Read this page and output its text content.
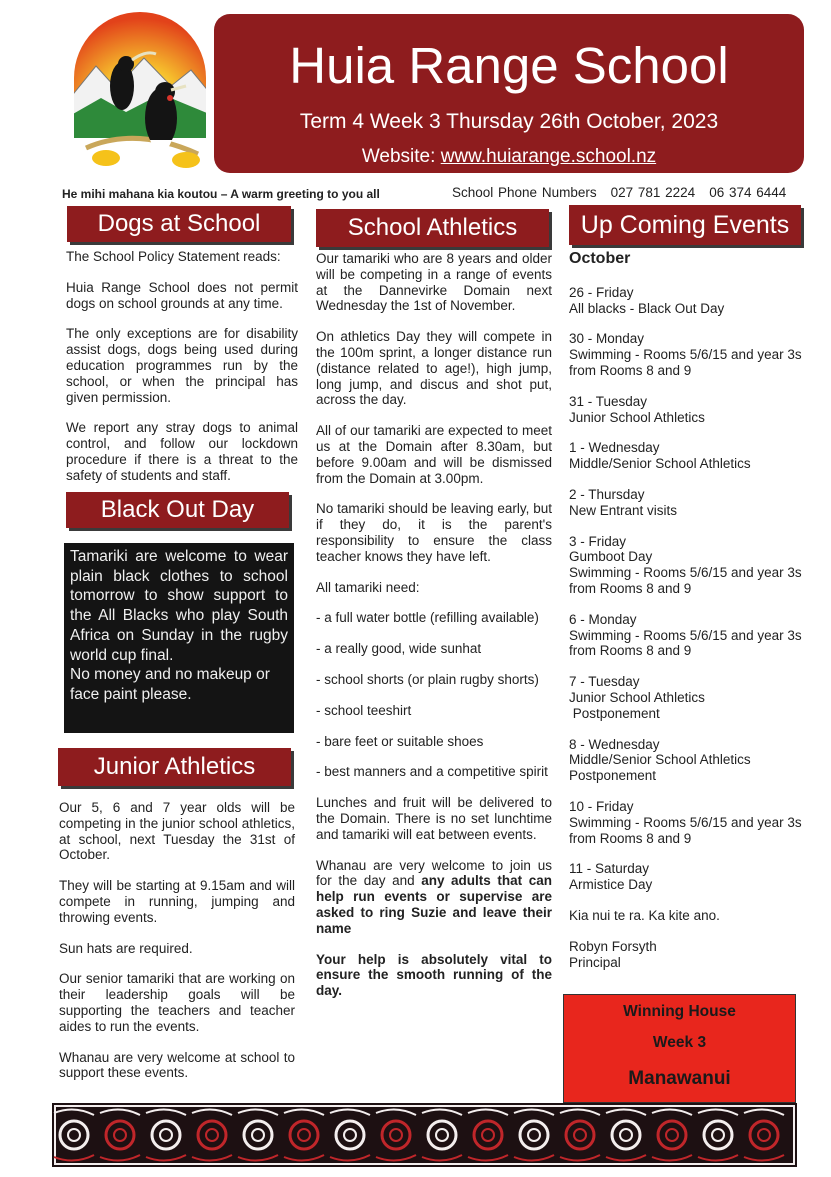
Huia Range School
Term 4 Week 3 Thursday 26th October, 2023
Website: www.huiarange.school.nz
He mihi mahana kia koutou – A warm greeting to you all	School Phone Numbers 027 781 2224 06 374 6444
Dogs at School

The School Policy Statement reads:

Huia Range School does not permit dogs on school grounds at any time.

The only exceptions are for disability assist dogs, dogs being used during education programmes run by the school, or when the principal has given permission.

We report any stray dogs to animal control, and follow our lockdown procedure if there is a threat to the safety of students and staff.

Black Out Day
Tamariki are welcome to wear plain black clothes to school tomorrow to show support to the All Blacks who play South Africa on Sunday in the rugby world cup final.
No money and no makeup or face paint please.
Junior Athletics

Our 5, 6 and 7 year olds will be competing in the junior school athletics, at school, next Tuesday the 31st of October.

They will be starting at 9.15am and will compete in running, jumping and throwing events.

Sun hats are required.

Our senior tamariki that are working on their leadership goals will be supporting the teachers and teacher aides to run the events.

Whanau are very welcome at school to support these events.

School Athletics

Our tamariki who are 8 years and older will be competing in a range of events at the Dannevirke Domain next Wednesday the 1st of November.

On athletics Day they will compete in the 100m sprint, a longer distance run (distance related to age!), high jump, long jump, and discus and shot put, across the day.

All of our tamariki are expected to meet us at the Domain after 8.30am, but before 9.00am and will be dismissed from the Domain at 3.00pm.

No tamariki should be leaving early, but if they do, it is the parent's responsibility to ensure the class teacher knows they have left.

All tamariki need:

- a full water bottle (refilling available)

- a really good, wide sunhat

- school shorts (or plain rugby shorts)

- school teeshirt

- bare feet or suitable shoes

- best manners and a competitive spirit

Lunches and fruit will be delivered to the Domain. There is no set lunchtime and tamariki will eat between events.

Whanau are very welcome to join us for the day and any adults that can help run events or supervise are asked to ring Suzie and leave their name

Your help is absolutely vital to ensure the smooth running of the day.

Up Coming Events
October
26 - Friday
All blacks - Black Out Day
30 - Monday
Swimming - Rooms 5/6/15 and year 3s from Rooms 8 and 9
31 - Tuesday
Junior School Athletics
1 - Wednesday
Middle/Senior School Athletics
2 - Thursday
New Entrant visits
3 - Friday
Gumboot Day
Swimming - Rooms 5/6/15 and year 3s from Rooms 8 and 9
6 - Monday
Swimming - Rooms 5/6/15 and year 3s from Rooms 8 and 9
7 - Tuesday
Junior School Athletics
Postponement
8 - Wednesday
Middle/Senior School Athletics
Postponement
10 - Friday
Swimming - Rooms 5/6/15 and year 3s from Rooms 8 and 9
11 - Saturday
Armistice Day
Kia nui te ra. Ka kite ano.
Robyn Forsyth
Principal
Winning House
Week 3
Manawanui
